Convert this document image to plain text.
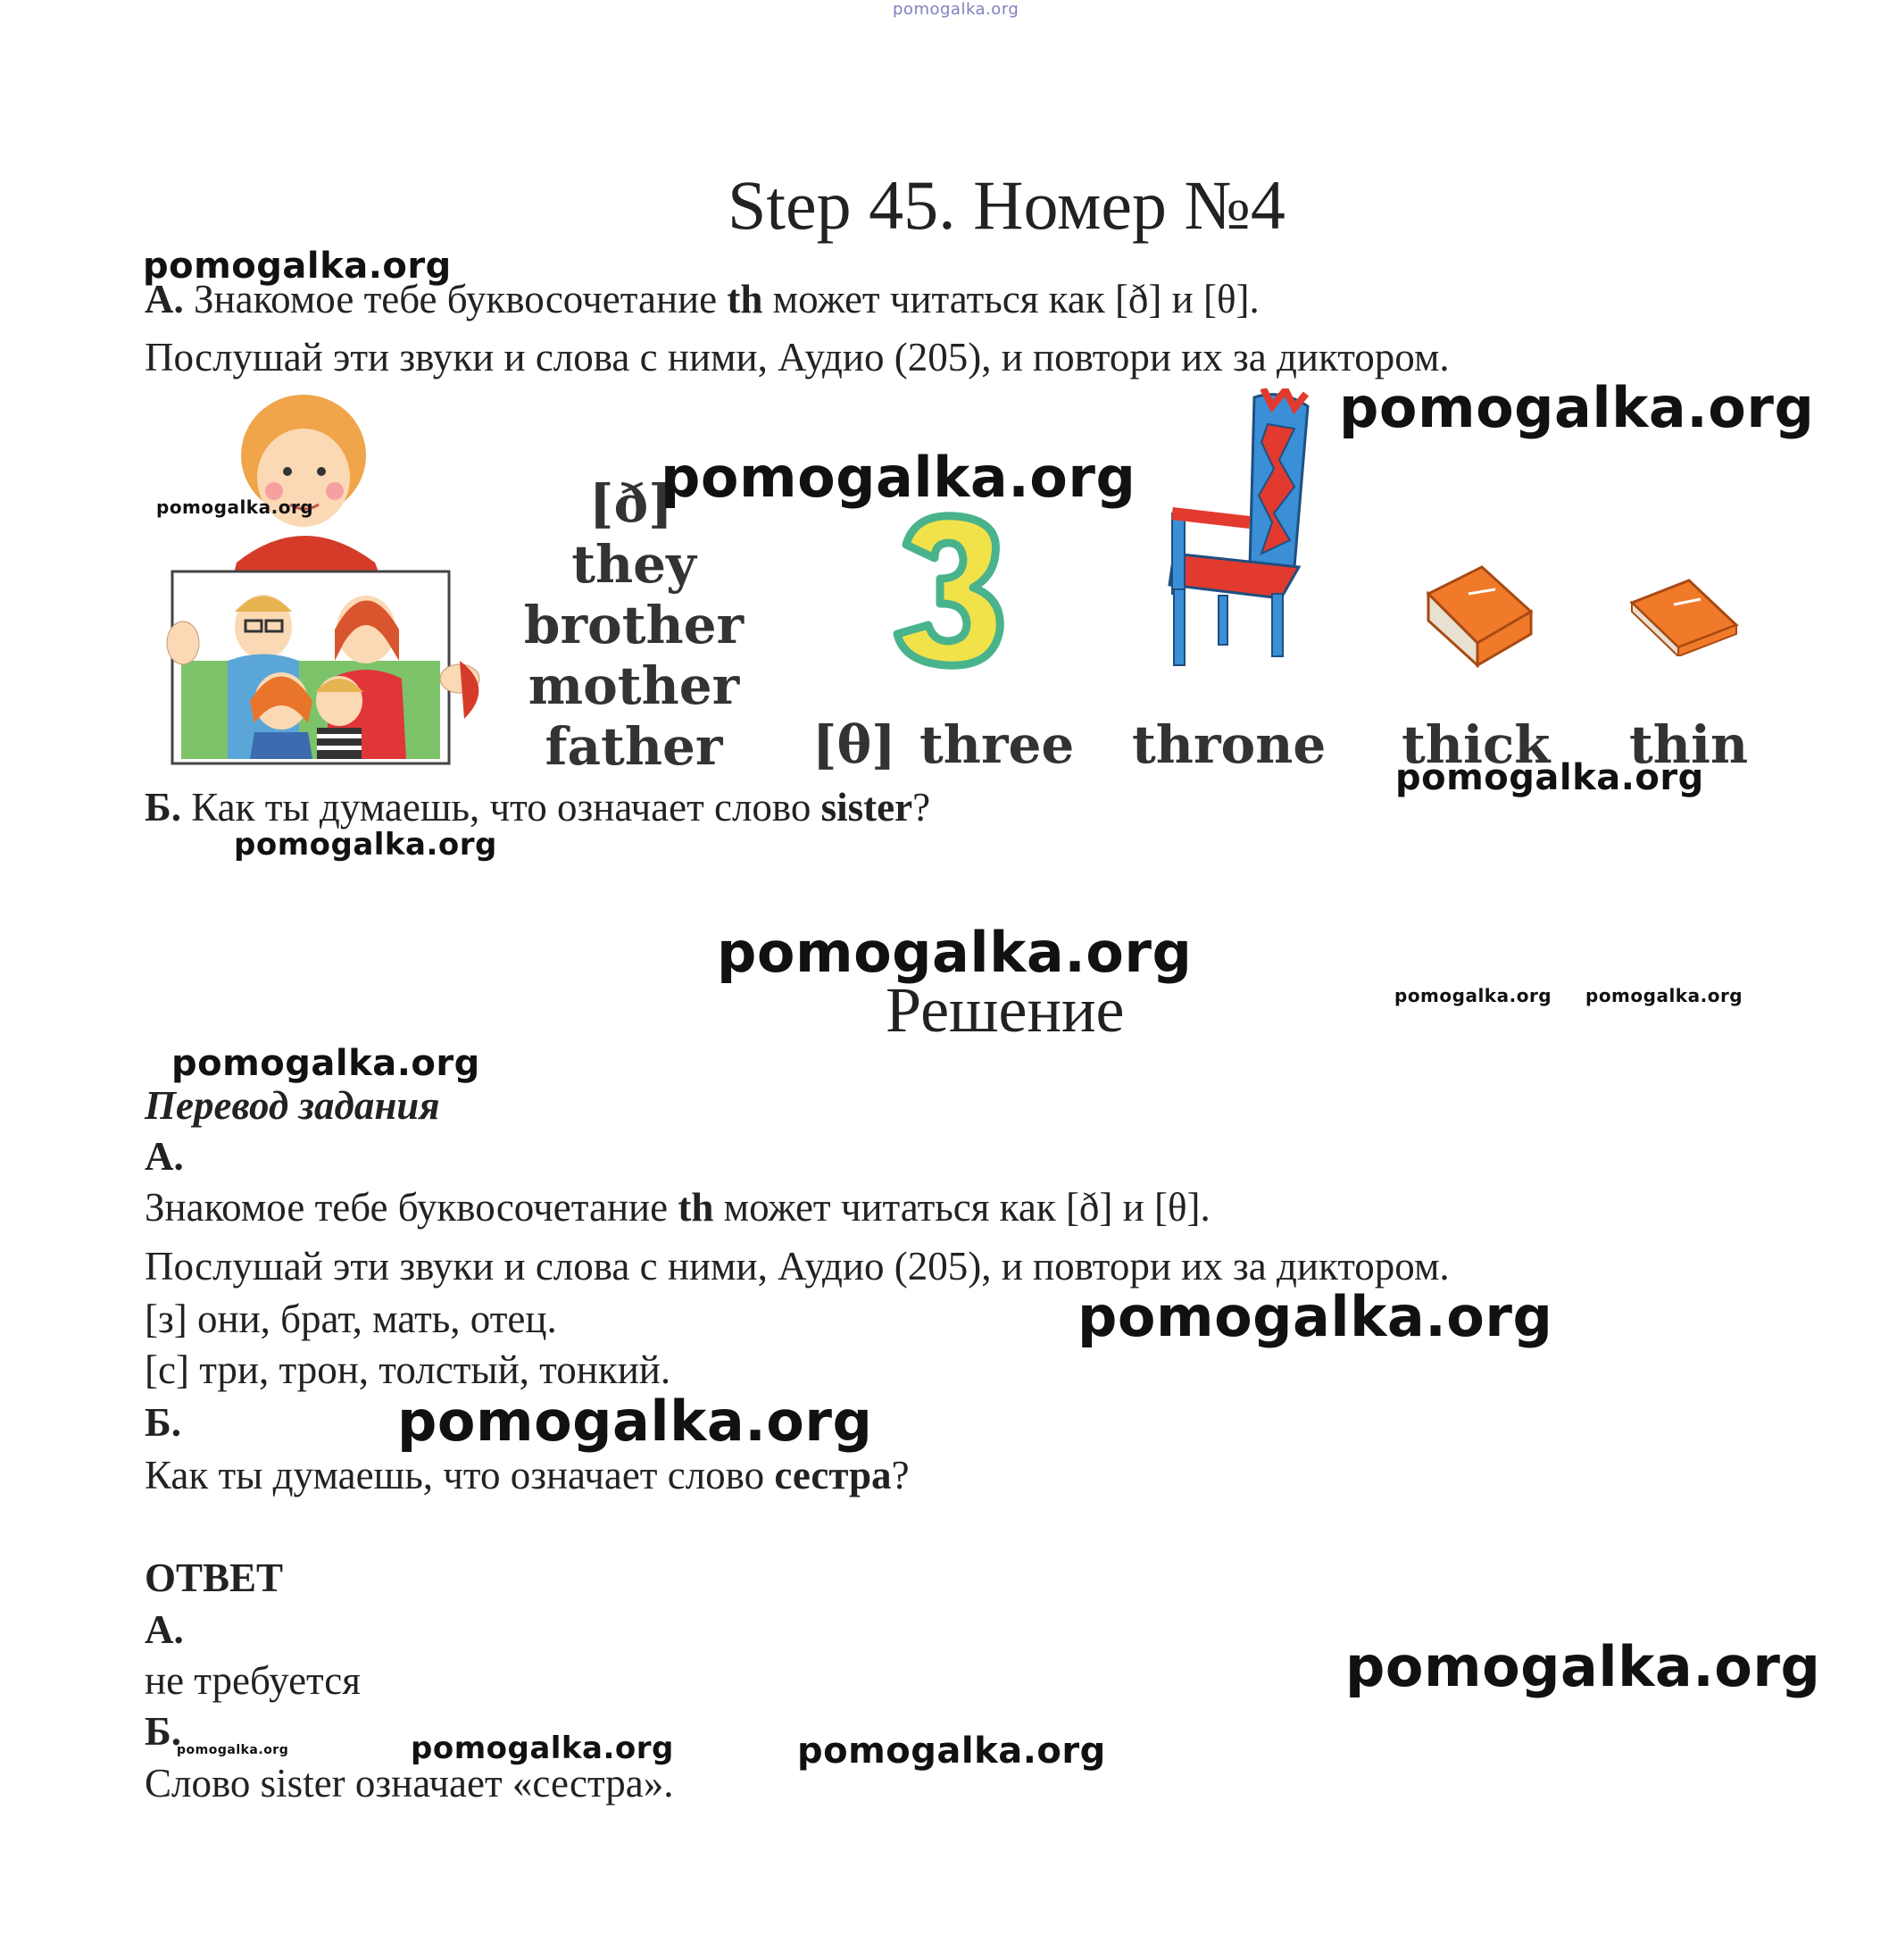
pomogalka.org
Step 45. Номер №4
pomogalka.org
А. Знакомое тебе буквосочетание th может читаться как [ð] и [θ].
Послушай эти звуки и слова с ними, Аудио (205), и повтори их за диктором.
pomogalka.org	[ð]
they
brother
mother
father
pomogalka.org
pomogalka.org
[θ] three throne thick thin
pomogalka.org
Б. Как ты думаешь, что означает слово sister?
pomogalka.org
pomogalka.org
Решение	pomogalka.org pomogalka.org
pomogalka.org
Перевод задания
А.
Знакомое тебе буквосочетание th может читаться как [ð] и [θ].
Послушай эти звуки и слова с ними, Аудио (205), и повтори их за диктором.
[з] они, брат, мать, отец.	pomogalka.org
[с] три, трон, толстый, тонкий.
Б.	pomogalka.org
Как ты думаешь, что означает слово сестра?
ОТВЕТ
А.
не требуется	pomogalka.org
Б.
pomogalka.org	pomogalka.org	pomogalka.org
Слово sister означает «сестра».
